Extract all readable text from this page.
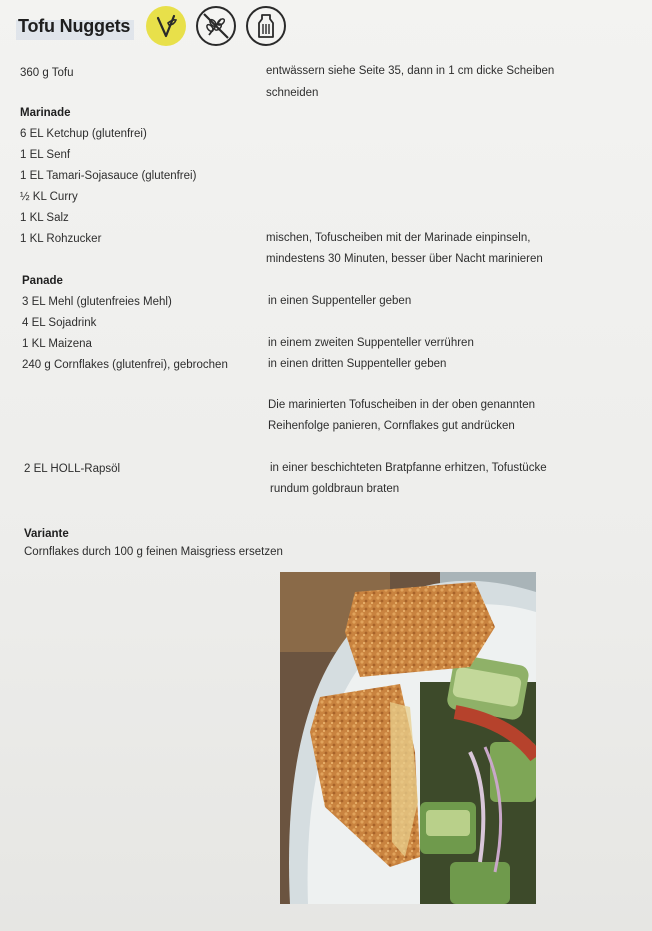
Tofu Nuggets
360 g Tofu	entwässern siehe Seite 35, dann in 1 cm dicke Scheiben
schneiden
Marinade
6 EL Ketchup (glutenfrei)
1 EL Senf
1 EL Tamari-Sojasauce (glutenfrei)
½ KL Curry
1 KL Salz
1 KL Rohzucker	mischen, Tofuscheiben mit der Marinade einpinseln,
mindestens 30 Minuten, besser über Nacht marinieren
Panade
3 EL Mehl (glutenfreies Mehl)	in einen Suppenteller geben
4 EL Sojadrink
1 KL Maizena	in einem zweiten Suppenteller verrühren
240 g Cornflakes (glutenfrei), gebrochen	in einen dritten Suppenteller geben
Die marinierten Tofuscheiben in der oben genannten
Reihenfolge panieren, Cornflakes gut andrücken
2 EL HOLL-Rapsöl	in einer beschichteten Bratpfanne erhitzen, Tofustücke
rundum goldbraun braten
Variante
Cornflakes durch 100 g feinen Maisgriess ersetzen
